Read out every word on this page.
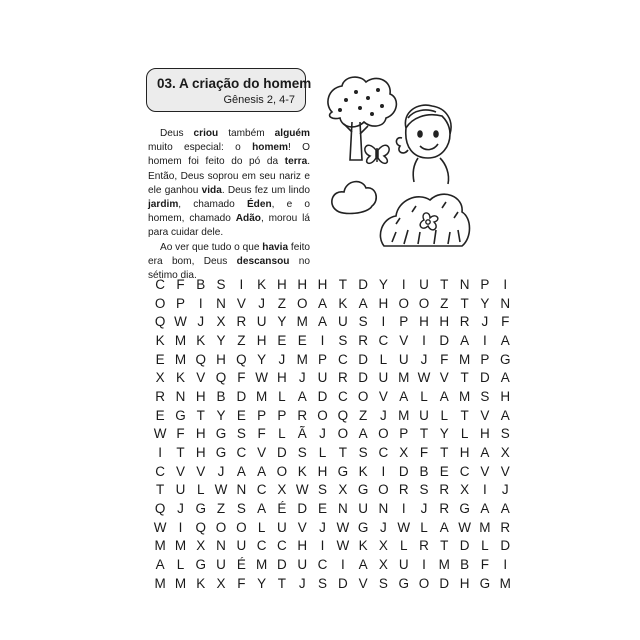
03. A criação do homem
Gênesis 2, 4-7

Deus criou também alguém muito especial: o homem! O homem foi feito do pó da terra. Então, Deus soprou em seu nariz e ele ganhou vida. Deus fez um lindo jardim, chamado Éden, e o homem, chamado Adão, morou lá para cuidar dele.

Ao ver que tudo o que havia feito era bom, Deus descansou no sétimo dia.

C F B S	I	K H H H T D Y	I	U T N P	I
O P	I	N V J Z O A K A H O O Z T Y N
Q W J X R U Y M A U S	I	P H H R J F
K M K Y Z H E E	I	S R C V	I	D A	I	A
E M Q H Q Y J M P C D L U J F M P G
X K V Q F W H J U R D U M W V T D A
R N H B D M L A D C O V A L A M S H
E G T Y E P P R O Q Z J M U L T V A
W F H G S F L Ã J O A O P T Y L H S
I	T H G C V D S L T S C X F T H A X
C V V J A A O K H G K	I	D B E C V V
T U L W N C X W S X G O R S R X	I	J
Q J G Z S A É D E N U N	I	J R G A A
W I Q O O L U V J W G J W L A W M R
M M X N U C C H	I W K X L R T D L D
A L G U É M D U C	I	A X U	I M B F	I
M M K X F Y T J S D V S G O D H G M
